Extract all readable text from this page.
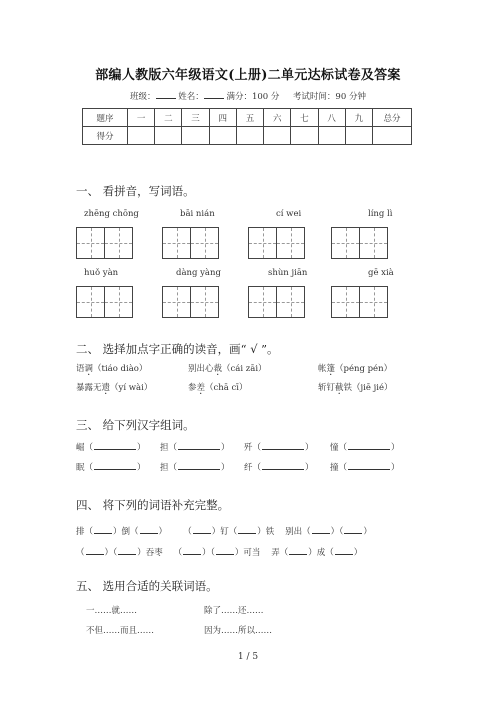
部编人教版六年级语文(上册)二单元达标试卷及答案
班级：	姓名：	满分：100 分 考试时间：90 分钟
题序	一	二	三	四	五	六	七	八	九	总分
得分										
一、 看拼音，写词语。
zhēng chōng	bāi nián	cí wei	líng lì
huǒ yàn	dàng yàng	shùn jiān	gē xià
二、 选择加点字正确的读音，画“ √ ”。
语调（tiáo diào）	别出心裁（cái zāi）	帐篷（péng pén）
暴露无遗（yí wài）	参差（chā cī）	斩钉截铁（jiē jié）
三、 给下列汉字组词。
崛（	） 担（	） 歼（	） 憧（	）
眠（	） 担（	） 纤（	） 撞（	）
四、 将下列的词语补充完整。
排（ ）倒（ ） （ ）钉（ ）铁 别出（ ）（ ）
（ ）（ ）吞枣 （ ）（ ）可当 弄（ ）成（ ）
五、 选用合适的关联词语。
一……就……	除了……还……
不但……而且……	因为……所以……
1 / 5
